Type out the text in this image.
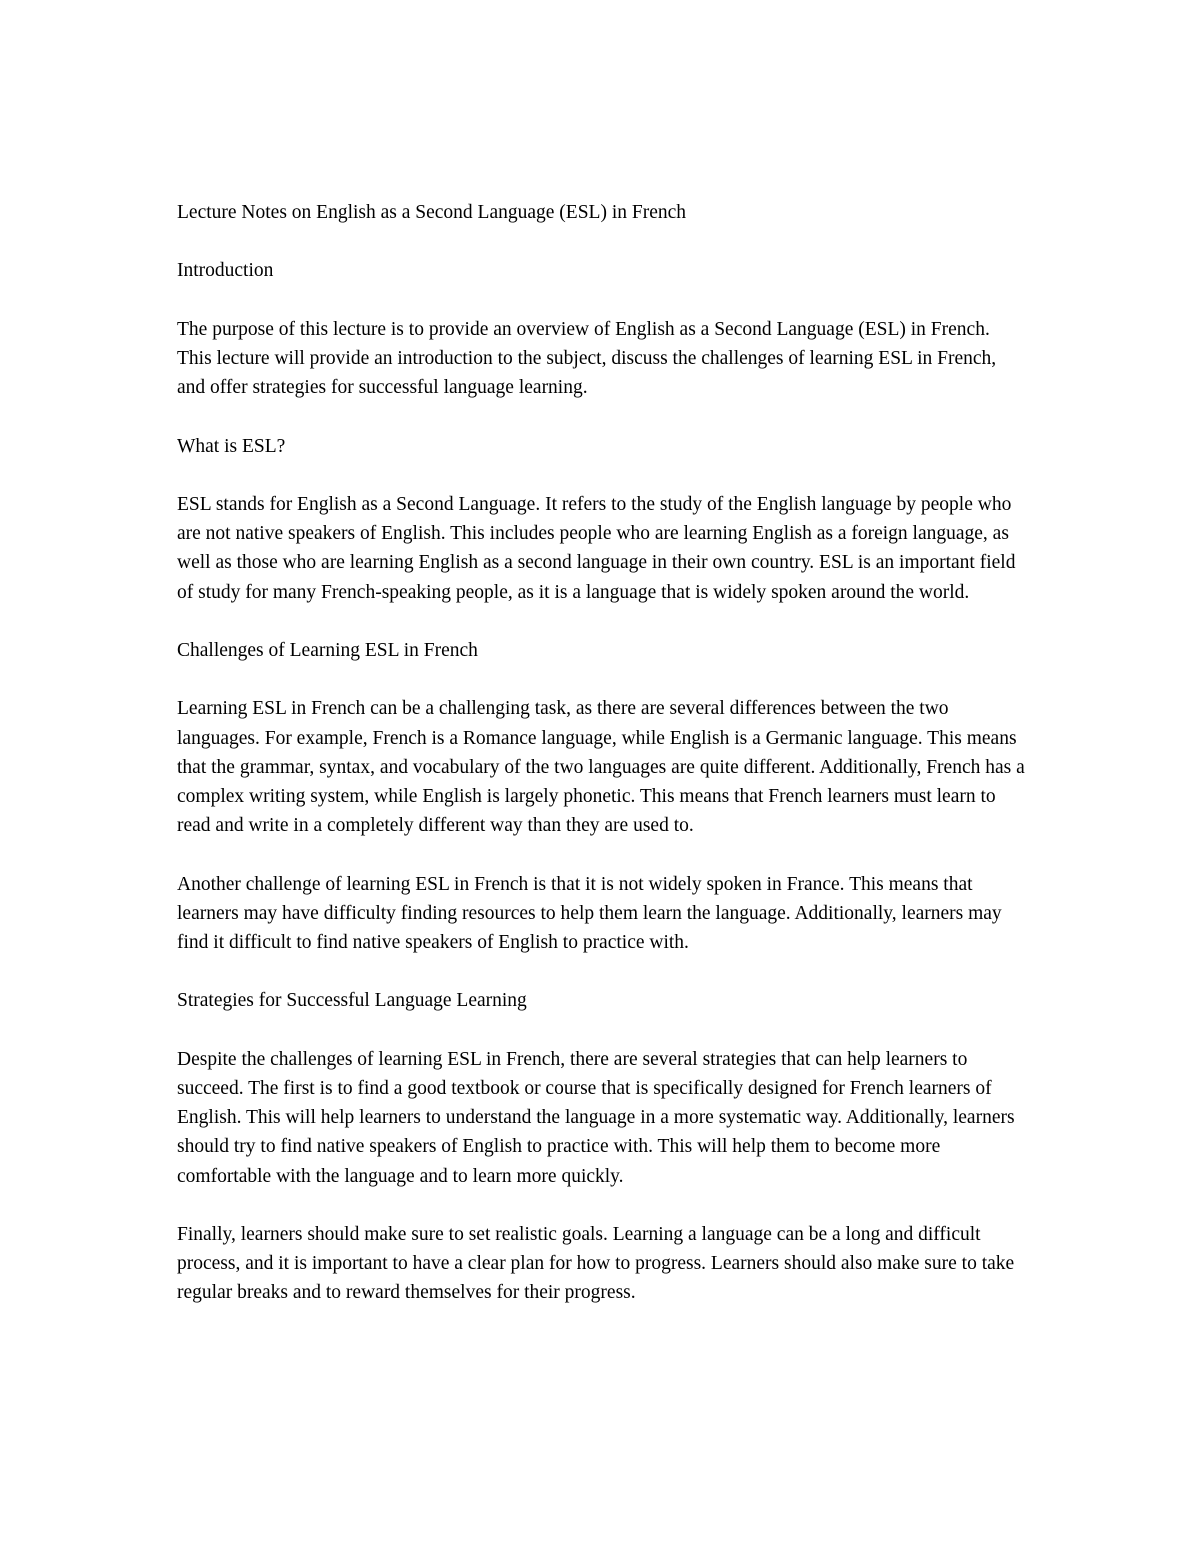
Lecture Notes on English as a Second Language (ESL) in French

Introduction

The purpose of this lecture is to provide an overview of English as a Second Language (ESL) in French. This lecture will provide an introduction to the subject, discuss the challenges of learning ESL in French, and offer strategies for successful language learning.

What is ESL?

ESL stands for English as a Second Language. It refers to the study of the English language by people who are not native speakers of English. This includes people who are learning English as a foreign language, as well as those who are learning English as a second language in their own country. ESL is an important field of study for many French-speaking people, as it is a language that is widely spoken around the world.

Challenges of Learning ESL in French

Learning ESL in French can be a challenging task, as there are several differences between the two languages. For example, French is a Romance language, while English is a Germanic language. This means that the grammar, syntax, and vocabulary of the two languages are quite different. Additionally, French has a complex writing system, while English is largely phonetic. This means that French learners must learn to read and write in a completely different way than they are used to.

Another challenge of learning ESL in French is that it is not widely spoken in France. This means that learners may have difficulty finding resources to help them learn the language. Additionally, learners may find it difficult to find native speakers of English to practice with.

Strategies for Successful Language Learning

Despite the challenges of learning ESL in French, there are several strategies that can help learners to succeed. The first is to find a good textbook or course that is specifically designed for French learners of English. This will help learners to understand the language in a more systematic way. Additionally, learners should try to find native speakers of English to practice with. This will help them to become more comfortable with the language and to learn more quickly.

Finally, learners should make sure to set realistic goals. Learning a language can be a long and difficult process, and it is important to have a clear plan for how to progress. Learners should also make sure to take regular breaks and to reward themselves for their progress.
